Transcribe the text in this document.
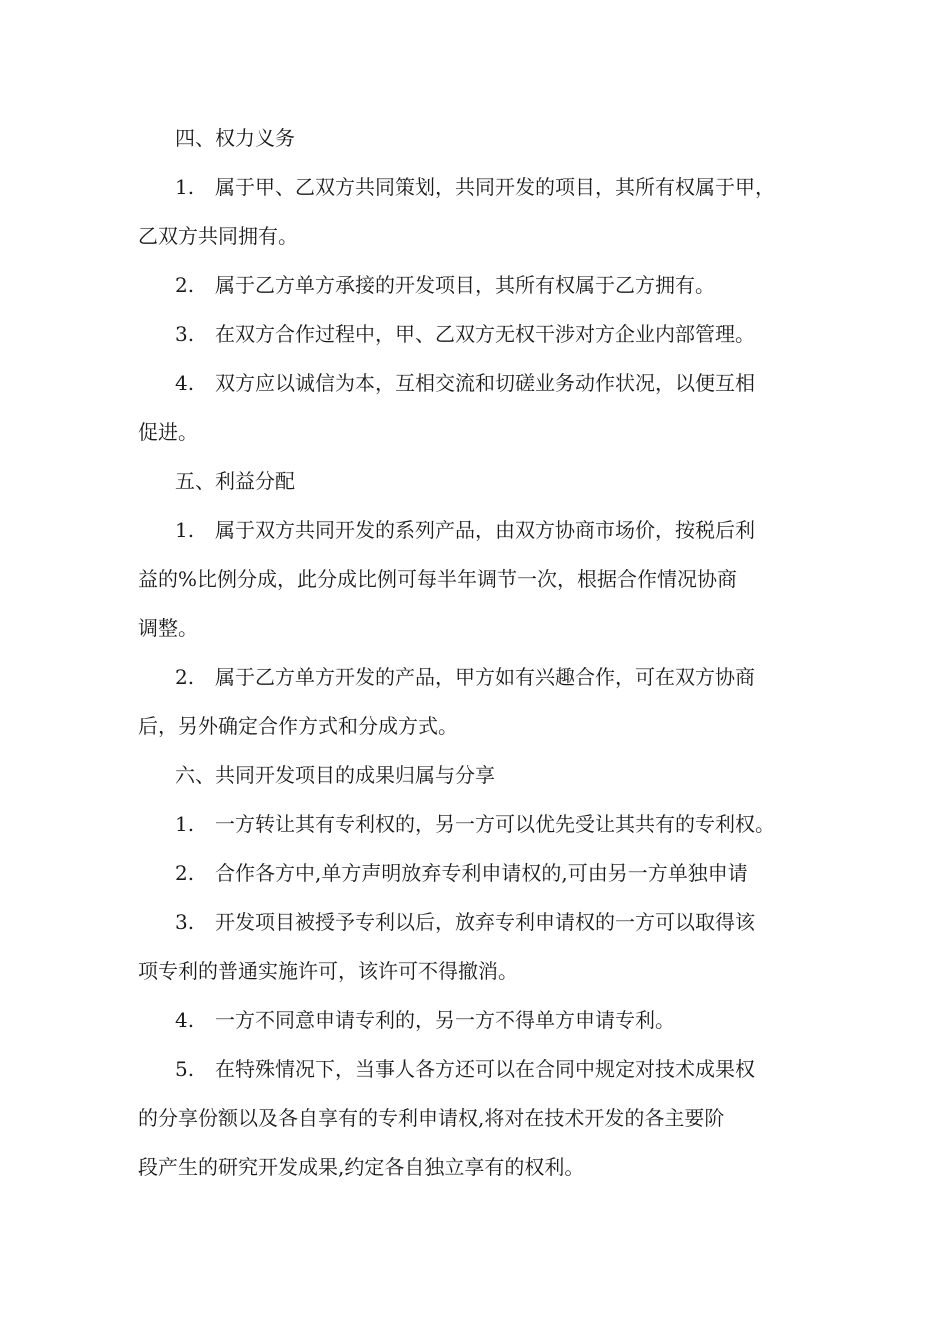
四、权力义务
1. 属于甲、乙双方共同策划，共同开发的项目，其所有权属于甲，
乙双方共同拥有。
2. 属于乙方单方承接的开发项目，其所有权属于乙方拥有。
3. 在双方合作过程中，甲、乙双方无权干涉对方企业内部管理。
4. 双方应以诚信为本，互相交流和切磋业务动作状况，以便互相
促进。
五、利益分配
1. 属于双方共同开发的系列产品，由双方协商市场价，按税后利
益的%比例分成，此分成比例可每半年调节一次，根据合作情况协商
调整。
2. 属于乙方单方开发的产品，甲方如有兴趣合作，可在双方协商
后，另外确定合作方式和分成方式。
六、共同开发项目的成果归属与分享
1. 一方转让其有专利权的，另一方可以优先受让其共有的专利权。
2. 合作各方中,单方声明放弃专利申请权的,可由另一方单独申请
3. 开发项目被授予专利以后，放弃专利申请权的一方可以取得该
项专利的普通实施许可，该许可不得撤消。
4. 一方不同意申请专利的，另一方不得单方申请专利。
5. 在特殊情况下，当事人各方还可以在合同中规定对技术成果权
的分享份额以及各自享有的专利申请权,将对在技术开发的各主要阶
段产生的研究开发成果,约定各自独立享有的权利。
